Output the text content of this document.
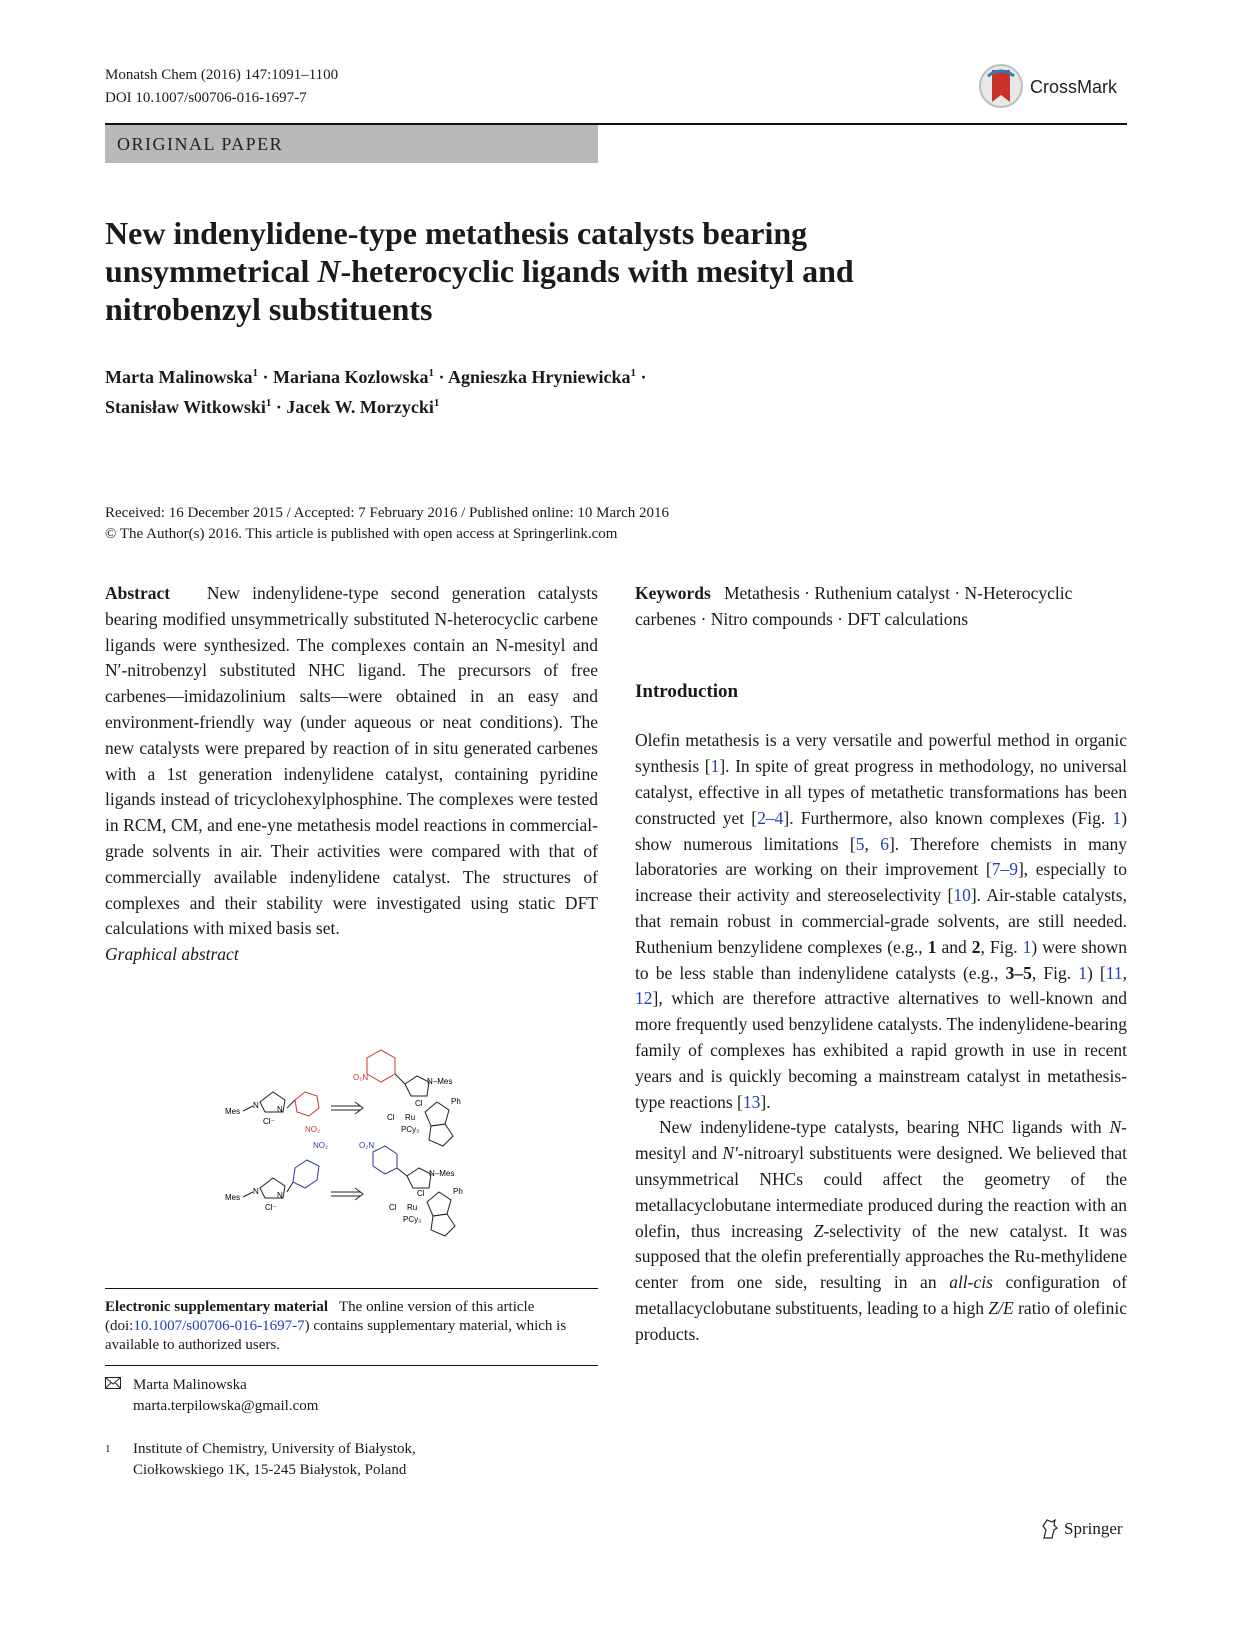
Monatsh Chem (2016) 147:1091–1100
DOI 10.1007/s00706-016-1697-7
CrossMark
ORIGINAL PAPER
New indenylidene-type metathesis catalysts bearing unsymmetrical N-heterocyclic ligands with mesityl and nitrobenzyl substituents
Marta Malinowska$^1$ · Mariana Kozlowska$^1$ · Agnieszka Hryniewicka$^1$ ·
Stanisław Witkowski$^1$ · Jacek W. Morzycki$^1$
Received: 16 December 2015 / Accepted: 7 February 2016 / Published online: 10 March 2016
© The Author(s) 2016. This article is published with open access at Springerlink.com

Abstract New indenylidene-type second generation catalysts bearing modified unsymmetrically substituted N-heterocyclic carbene ligands were synthesized. The complexes contain an N-mesityl and N′-nitrobenzyl substituted NHC ligand. The precursors of free carbenes—imidazolinium salts—were obtained in an easy and environment-friendly way (under aqueous or neat conditions). The new catalysts were prepared by reaction of in situ generated carbenes with a 1st generation indenylidene catalyst, containing pyridine ligands instead of tricyclohexylphosphine. The complexes were tested in RCM, CM, and ene-yne metathesis model reactions in commercial-grade solvents in air. Their activities were compared with that of commercially available indenylidene catalyst. The structures of complexes and their stability were investigated using static DFT calculations with mixed basis set.

Graphical abstract

Mes
N N
Cl⁻
NO₂
O₂N	N–Mes
Cl
Ru
Cl
PCy₃
Ph
Mes
N N
Cl⁻
NO₂	O₂N
N–Mes
Cl
Ru
Cl
PCy₃
Ph
Electronic supplementary material The online version of this article (doi:10.1007/s00706-016-1697-7) contains supplementary material, which is available to authorized users.
Marta Malinowska
marta.terpilowska@gmail.com
1	Institute of Chemistry, University of Białystok,
Ciołkowskiego 1K, 15-245 Białystok, Poland

Keywords Metathesis · Ruthenium catalyst · N-Heterocyclic carbenes · Nitro compounds · DFT calculations

Introduction

Olefin metathesis is a very versatile and powerful method in organic synthesis [1]. In spite of great progress in methodology, no universal catalyst, effective in all types of metathetic transformations has been constructed yet [2–4]. Furthermore, also known complexes (Fig. 1) show numerous limitations [5, 6]. Therefore chemists in many laboratories are working on their improvement [7–9], especially to increase their activity and stereoselectivity [10]. Air-stable catalysts, that remain robust in commercial-grade solvents, are still needed. Ruthenium benzylidene complexes (e.g., 1 and 2, Fig. 1) were shown to be less stable than indenylidene catalysts (e.g., 3–5, Fig. 1) [11, 12], which are therefore attractive alternatives to well-known and more frequently used benzylidene catalysts. The indenylidene-bearing family of complexes has exhibited a rapid growth in use in recent years and is quickly becoming a mainstream catalyst in metathesis-type reactions [13].

New indenylidene-type catalysts, bearing NHC ligands with N-mesityl and N′-nitroaryl substituents were designed. We believed that unsymmetrical NHCs could affect the geometry of the metallacyclobutane intermediate produced during the reaction with an olefin, thus increasing Z-selectivity of the new catalyst. It was supposed that the olefin preferentially approaches the Ru-methylidene center from one side, resulting in an all-cis configuration of metallacyclobutane substituents, leading to a high Z/E ratio of olefinic products.

Springer
